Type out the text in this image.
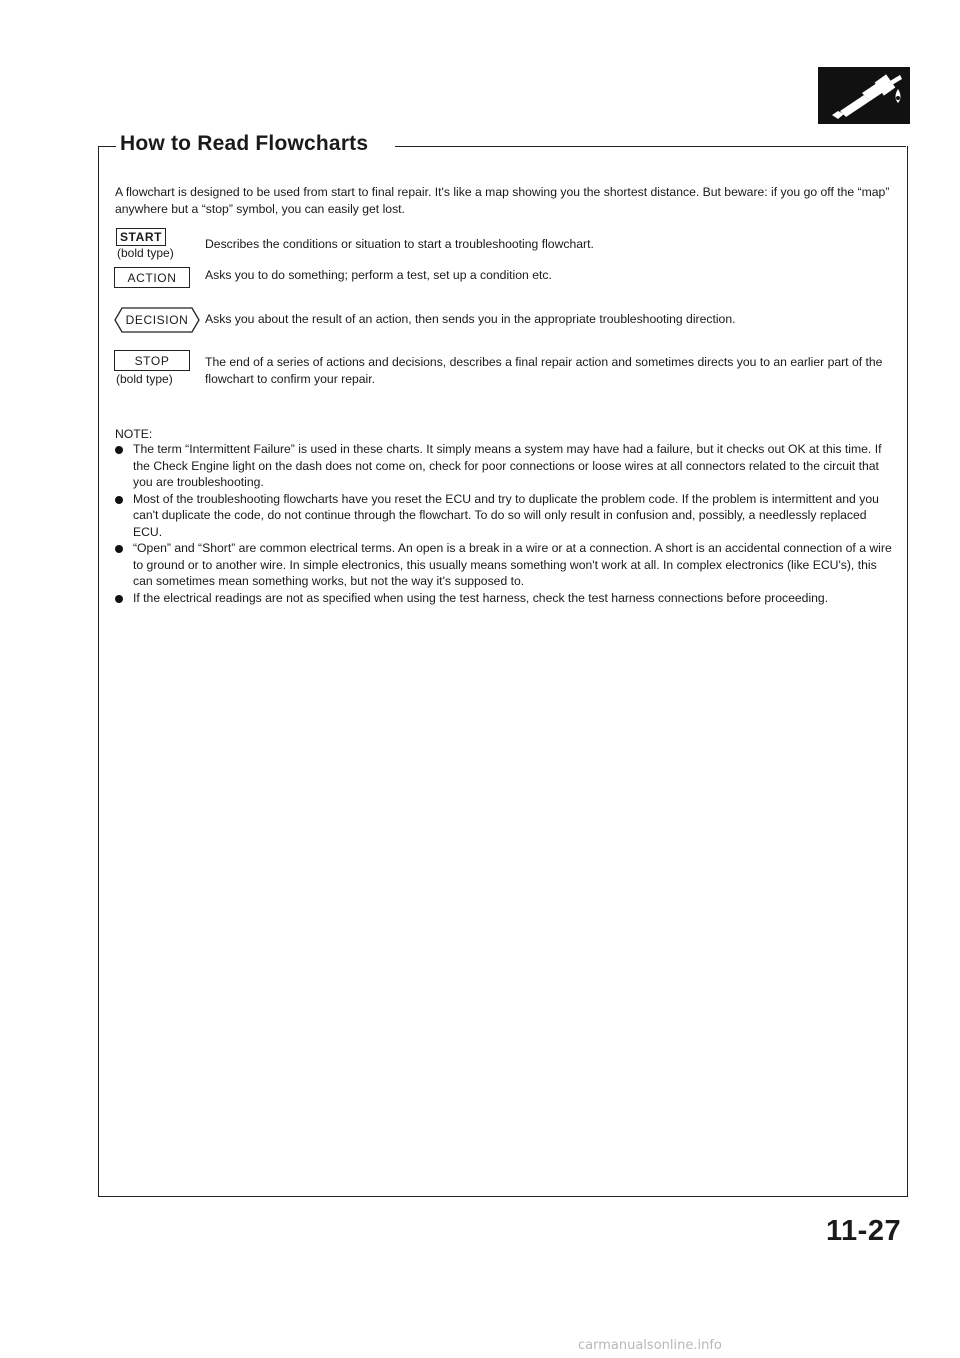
How to Read Flowcharts
A flowchart is designed to be used from start to final repair. It's like a map showing you the shortest distance. But beware: if you go off the “map” anywhere but a “stop” symbol, you can easily get lost.
START
(bold type)
Describes the conditions or situation to start a troubleshooting flowchart.
ACTION	Asks you to do something; perform a test, set up a condition etc.
DECISION Asks you about the result of an action, then sends you in the appropriate troubleshooting direction.
STOP
(bold type)
The end of a series of actions and decisions, describes a final repair action and sometimes directs you to an earlier part of the flowchart to confirm your repair.
NOTE:
The term “Intermittent Failure” is used in these charts. It simply means a system may have had a failure, but it checks out OK at this time. If the Check Engine light on the dash does not come on, check for poor connections or loose wires at all connectors related to the circuit that you are troubleshooting.
Most of the troubleshooting flowcharts have you reset the ECU and try to duplicate the problem code. If the problem is intermittent and you can't duplicate the code, do not continue through the flowchart. To do so will only result in confusion and, possibly, a needlessly replaced ECU.
“Open” and “Short” are common electrical terms. An open is a break in a wire or at a connection. A short is an accidental connection of a wire to ground or to another wire. In simple electronics, this usually means something won't work at all. In complex electronics (like ECU's), this can sometimes mean something works, but not the way it's supposed to.
If the electrical readings are not as specified when using the test harness, check the test harness connections before proceeding.
11-27
carmanualsonline.info
